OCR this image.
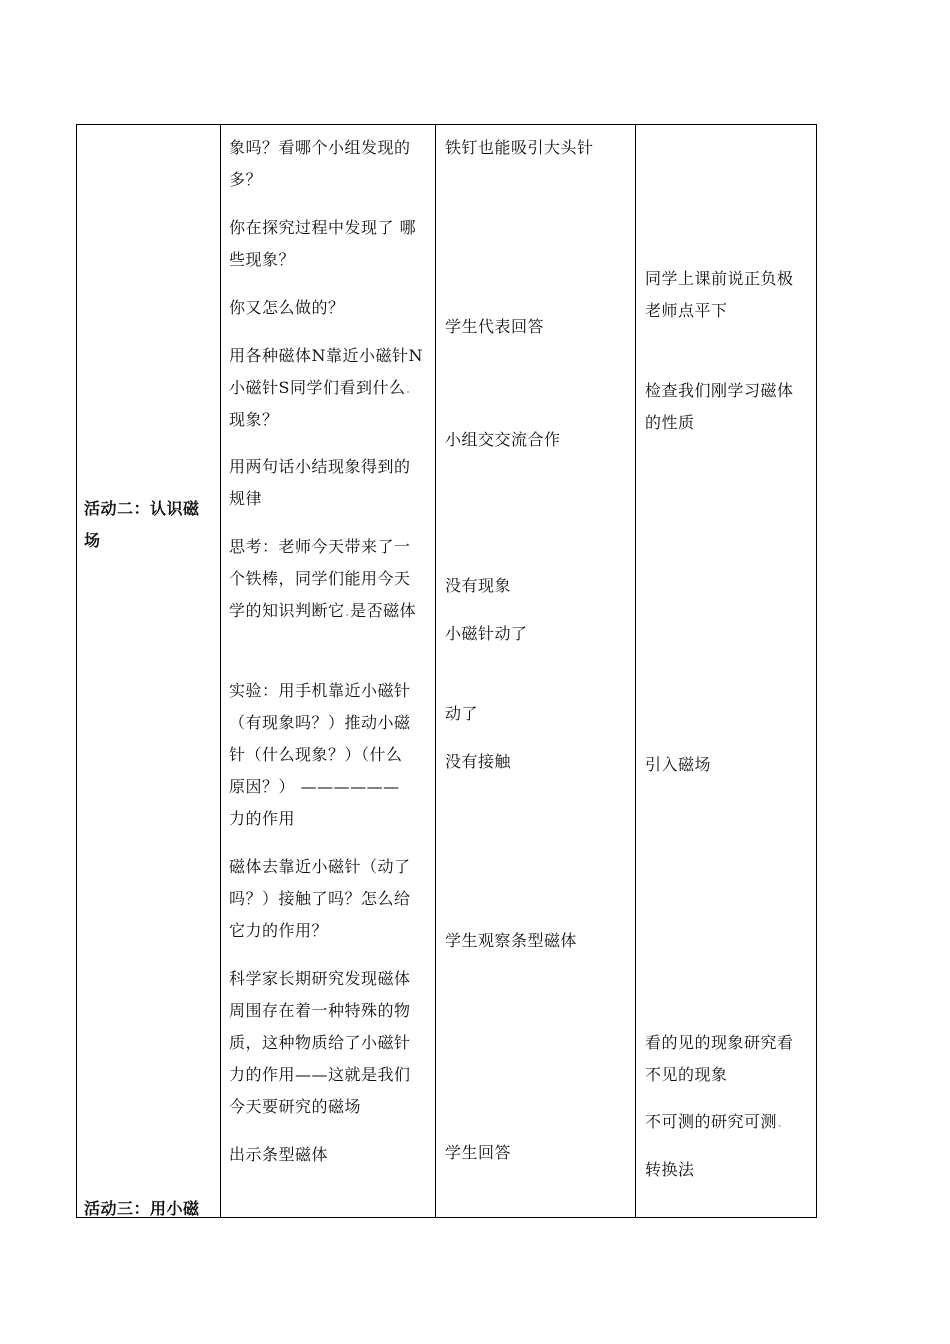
活动二：认识磁
场
活动三：用小磁
象吗？看哪个小组发现的
多？
你在探究过程中发现了 哪
些现象？
你又怎么做的？
用各种磁体N靠近小磁针N
小磁针S同学们看到什么.
现象？
用两句话小结现象得到的
规律
思考：老师今天带来了一
个铁棒，同学们能用今天
学的知识判断它.是否磁体
实验：用手机靠近小磁针
（有现象吗？）推动小磁
针（什么现象？）（什么
原因？） ——————
力的作用
磁体去靠近小磁针（动了
吗？）接触了吗？怎么给
它力的作用？
科学家长期研究发现磁体
周围存在着一种特殊的物
质，这种物质给了小磁针
力的作用——这就是我们
今天要研究的磁场
出示条型磁体
铁钉也能吸引大头针
学生代表回答
小组交交流合作
没有现象
小磁针动了
动了
没有接触
学生观察条型磁体
学生回答
同学上课前说正负极
老师点平下
检查我们刚学习磁体
的性质
引入磁场
看的见的现象研究看
不见的现象
不可测的研究可测.
转换法
